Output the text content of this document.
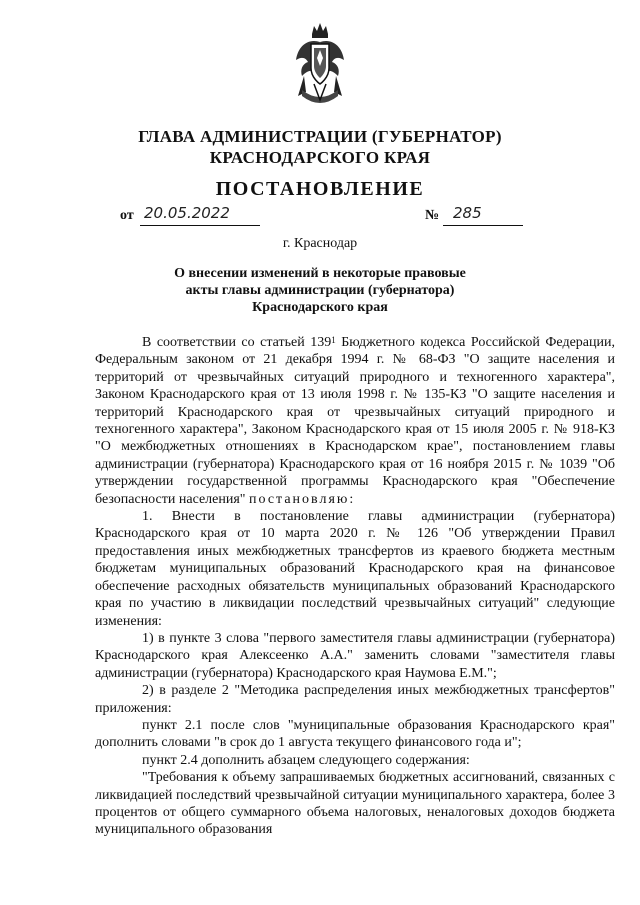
ГЛАВА АДМИНИСТРАЦИИ (ГУБЕРНАТОР)
КРАСНОДАРСКОГО КРАЯ
ПОСТАНОВЛЕНИЕ
от 20.05.2022	№ 285
г. Краснодар
О внесении изменений в некоторые правовые
акты главы администрации (губернатора)
Краснодарского края

В соответствии со статьей $139^1$ Бюджетного кодекса Российской Федерации, Федеральным законом от 21 декабря 1994 г. № 68-ФЗ "О защите населения и территорий от чрезвычайных ситуаций природного и техногенного характера", Законом Краснодарского края от 13 июля 1998 г. № 135-КЗ "О защите населения и территорий Краснодарского края от чрезвычайных ситуаций природного и техногенного характера", Законом Краснодарского края от 15 июля 2005 г. № 918-КЗ "О межбюджетных отношениях в Краснодарском крае", постановлением главы администрации (губернатора) Краснодарского края от 16 ноября 2015 г. № 1039 "Об утверждении государственной программы Краснодарского края "Обеспечение безопасности населения" постановляю:

1. Внести в постановление главы администрации (губернатора) Краснодарского края от 10 марта 2020 г. № 126 "Об утверждении Правил предоставления иных межбюджетных трансфертов из краевого бюджета местным бюджетам муниципальных образований Краснодарского края на финансовое обеспечение расходных обязательств муниципальных образований Краснодарского края по участию в ликвидации последствий чрезвычайных ситуаций" следующие изменения:

1) в пункте 3 слова "первого заместителя главы администрации (губернатора) Краснодарского края Алексеенко А.А." заменить словами "заместителя главы администрации (губернатора) Краснодарского края Наумова Е.М.";

2) в разделе 2 "Методика распределения иных межбюджетных трансфертов" приложения:

пункт 2.1 после слов "муниципальные образования Краснодарского края" дополнить словами "в срок до 1 августа текущего финансового года и";

пункт 2.4 дополнить абзацем следующего содержания:

"Требования к объему запрашиваемых бюджетных ассигнований, связанных с ликвидацией последствий чрезвычайной ситуации муниципального характера, более 3 процентов от общего суммарного объема налоговых, неналоговых доходов бюджета муниципального образования
